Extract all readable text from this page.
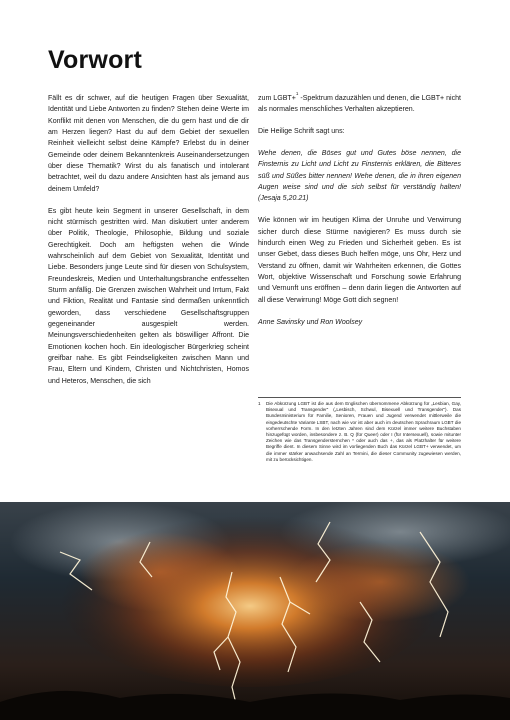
Vorwort

Fällt es dir schwer, auf die heutigen Fragen über Sexualität, Identität und Liebe Antworten zu finden? Stehen deine Werte im Konflikt mit denen von Menschen, die du gern hast und die dir am Herzen liegen? Hast du auf dem Gebiet der sexuellen Reinheit vielleicht selbst deine Kämpfe? Erlebst du in deiner Gemeinde oder deinem Bekanntenkreis Auseinandersetzungen über diese Thematik? Wirst du als fanatisch und intolerant betrachtet, weil du dazu andere Ansichten hast als jemand aus deinem Umfeld?

Es gibt heute kein Segment in unserer Gesellschaft, in dem nicht stürmisch gestritten wird. Man diskutiert unter anderem über Politik, Theologie, Philosophie, Bildung und soziale Gerechtigkeit. Doch am heftigsten wehen die Winde wahrscheinlich auf dem Gebiet von Sexualität, Identität und Liebe. Besonders junge Leute sind für diesen von Schulsystem, Freundeskreis, Medien und Unterhaltungsbranche entfesselten Sturm anfällig. Die Grenzen zwischen Wahrheit und Irrtum, Fakt und Fiktion, Realität und Fantasie sind dermaßen unkenntlich geworden, dass verschiedene Gesellschaftsgruppen gegeneinander ausgespielt werden. Meinungsverschiedenheiten gelten als böswilliger Affront. Die Emotionen kochen hoch. Ein ideologischer Bürgerkrieg scheint greifbar nahe. Es gibt Feindseligkeiten zwischen Mann und Frau, Eltern und Kindern, Christen und Nichtchristen, Homos und Heteros, Menschen, die sich

zum LGBT+$^1$ -Spektrum dazuzählen und denen, die LGBT+ nicht als normales menschliches Verhalten akzeptieren.

Die Heilige Schrift sagt uns:

Wehe denen, die Böses gut und Gutes böse nennen, die Finsternis zu Licht und Licht zu Finsternis erklären, die Bitteres süß und Süßes bitter nennen! Wehe denen, die in ihren eigenen Augen weise sind und die sich selbst für verständig halten! (Jesaja 5,20.21)

Wie können wir im heutigen Klima der Unruhe und Verwirrung sicher durch diese Stürme navigieren? Es muss durch sie hindurch einen Weg zu Frieden und Sicherheit geben. Es ist unser Gebet, dass dieses Buch helfen möge, uns Ohr, Herz und Verstand zu öffnen, damit wir Wahrheiten erkennen, die Gottes Wort, objektive Wissenschaft und Forschung sowie Erfahrung und Vernunft uns eröffnen – denn darin liegen die Antworten auf all diese Verwirrung! Möge Gott dich segnen!

Anne Savinsky und Ron Woolsey

1	Die Abkürzung LGBT ist die aus dem Englischen übernommene Abkürzung für „Lesbian, Gay, Bisexual und Transgender“ („Lesbisch, Schwul, Bisexuell und Transgender“). Das Bundesministerium für Familie, Senioren, Frauen und Jugend verwendet mittlerweile die eingedeutschte Variante LSBT, nach wie vor ist aber auch im deutschen Sprachraum LGBT die vorherrschende Form. In den letzten Jahren sind dem Kürzel immer weitere Buchstaben hinzugefügt worden, insbesondere z. B. Q (für Queer) oder I (für Intersexuell), sowie mitunter Zeichen wie das Transgendersternchen * oder auch das +, das als Platzhalter für weitere Begriffe dient. In diesem Sinne wird im vorliegenden Buch das Kürzel LGBT+ verwendet, um die immer stärker anwachsende Zahl an Termini, die dieser Community zugewiesen werden, mit zu berücksichtigen.
